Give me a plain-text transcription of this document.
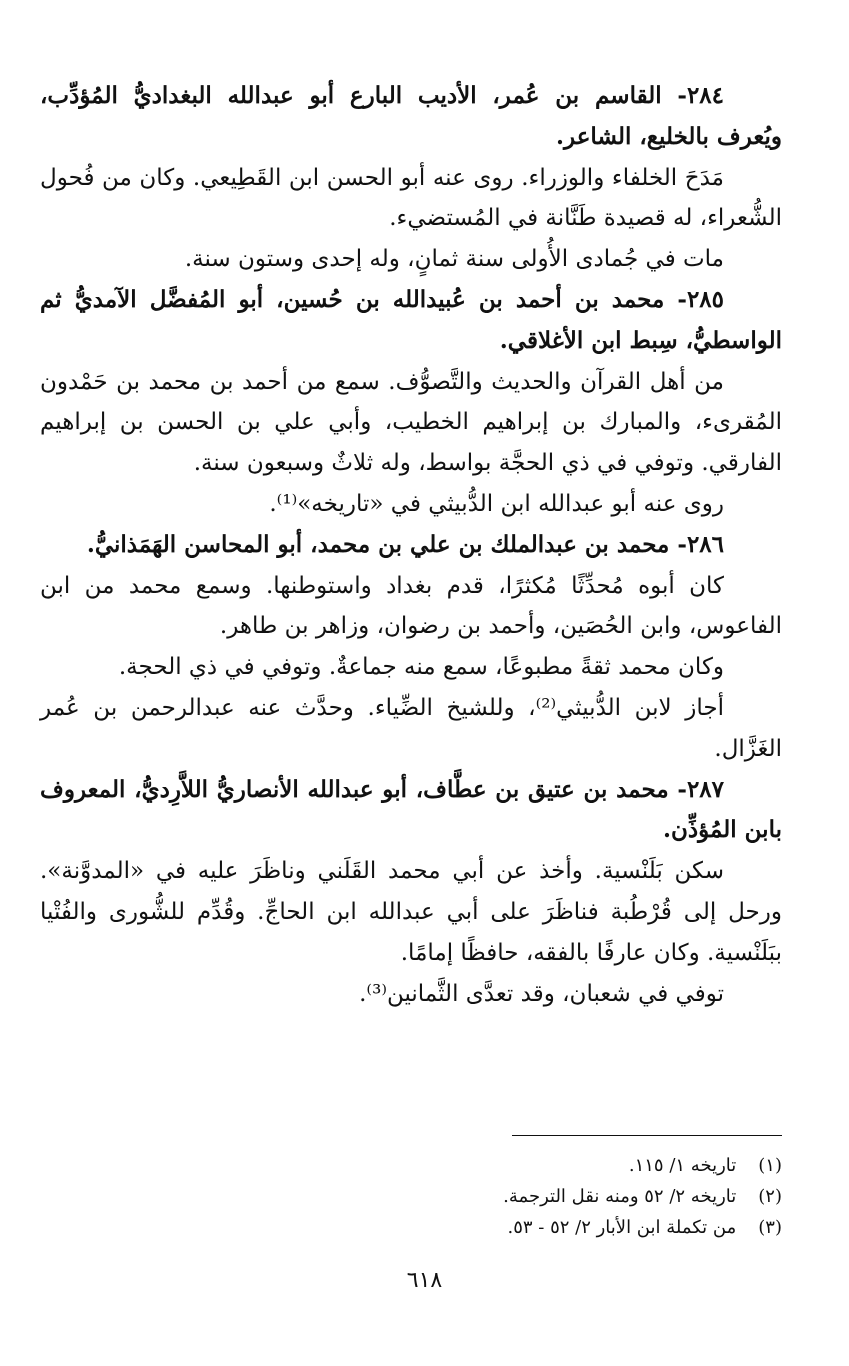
٢٨٤- القاسم بن عُمر، الأديب البارع أبو عبدالله البغداديُّ المُؤدِّب، ويُعرف بالخليع، الشاعر.

مَدَحَ الخلفاء والوزراء. روى عنه أبو الحسن ابن القَطِيعي. وكان من فُحول الشُّعراء، له قصيدة طَنَّانة في المُستضيء.

مات في جُمادى الأُولى سنة ثمانٍ، وله إحدى وستون سنة.

٢٨٥- محمد بن أحمد بن عُبيدالله بن حُسين، أبو المُفضَّل الآمديُّ ثم الواسطيُّ، سِبط ابن الأغلاقي.

من أهل القرآن والحديث والتَّصوُّف. سمع من أحمد بن محمد بن حَمْدون المُقرىء، والمبارك بن إبراهيم الخطيب، وأبي علي بن الحسن بن إبراهيم الفارقي. وتوفي في ذي الحجَّة بواسط، وله ثلاثٌ وسبعون سنة.

روى عنه أبو عبدالله ابن الدُّبيثي في «تاريخه»⁽¹⁾.

٢٨٦- محمد بن عبدالملك بن علي بن محمد، أبو المحاسن الهَمَذانيُّ.

كان أبوه مُحدِّثًا مُكثرًا، قدم بغداد واستوطنها. وسمع محمد من ابن الفاعوس، وابن الحُصَين، وأحمد بن رضوان، وزاهر بن طاهر.

وكان محمد ثقةً مطبوعًا، سمع منه جماعةٌ. وتوفي في ذي الحجة.

أجاز لابن الدُّبيثي⁽²⁾، وللشيخ الضِّياء. وحدَّث عنه عبدالرحمن بن عُمر الغَزَّال.

٢٨٧- محمد بن عتيق بن عطَّاف، أبو عبدالله الأنصاريُّ اللاَّرِديُّ، المعروف بابن المُؤذِّن.

سكن بَلَنْسية. وأخذ عن أبي محمد القَلَني وناظَرَ عليه في «المدوَّنة». ورحل إلى قُرْطُبة فناظَرَ على أبي عبدالله ابن الحاجِّ. وقُدِّم للشُّورى والفُتْيا ببَلَنْسية. وكان عارفًا بالفقه، حافظًا إمامًا.

توفي في شعبان، وقد تعدَّى الثَّمانين⁽³⁾.

(١) تاريخه ١/ ١١٥.
(٢) تاريخه ٢/ ٥٢ ومنه نقل الترجمة.
(٣) من تكملة ابن الأبار ٢/ ٥٢ - ٥٣.
٦١٨
